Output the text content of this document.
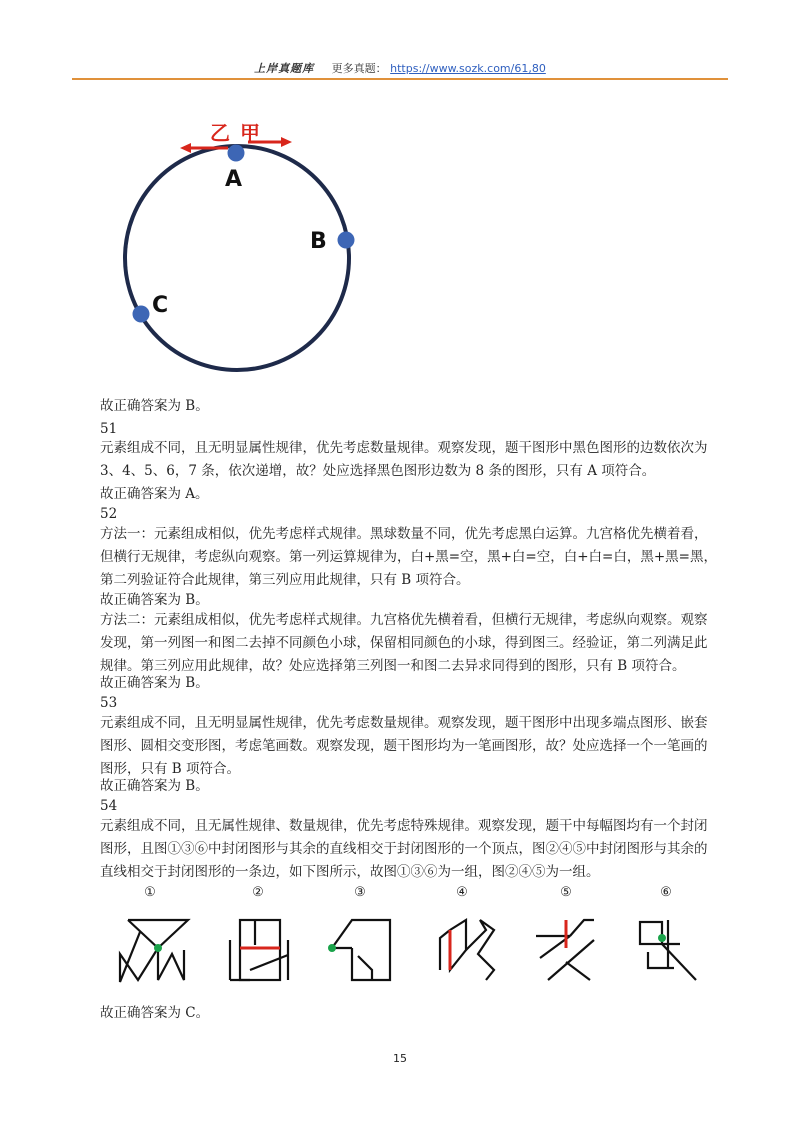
上岸真题库 更多真题： https://www.sozk.com/61,80
乙 甲
A
B
C

故正确答案为 B。

51

元素组成不同，且无明显属性规律，优先考虑数量规律。观察发现，题干图形中黑色图形的边数依次为 3、4、5、6，7 条，依次递增，故？处应选择黑色图形边数为 8 条的图形，只有 A 项符合。

故正确答案为 A。

52

方法一：元素组成相似，优先考虑样式规律。黑球数量不同，优先考虑黑白运算。九宫格优先横着看，但横行无规律，考虑纵向观察。第一列运算规律为，白+黑=空，黑+白=空，白+白=白，黑+黑=黑，第二列验证符合此规律，第三列应用此规律，只有 B 项符合。

故正确答案为 B。

方法二：元素组成相似，优先考虑样式规律。九宫格优先横着看，但横行无规律，考虑纵向观察。观察发现，第一列图一和图二去掉不同颜色小球，保留相同颜色的小球，得到图三。经验证，第二列满足此规律。第三列应用此规律，故？处应选择第三列图一和图二去异求同得到的图形，只有 B 项符合。

故正确答案为 B。

53

元素组成不同，且无明显属性规律，优先考虑数量规律。观察发现，题干图形中出现多端点图形、嵌套图形、圆相交变形图，考虑笔画数。观察发现，题干图形均为一笔画图形，故？处应选择一个一笔画的图形，只有 B 项符合。

故正确答案为 B。

54

元素组成不同，且无属性规律、数量规律，优先考虑特殊规律。观察发现，题干中每幅图均有一个封闭图形，且图①③⑥中封闭图形与其余的直线相交于封闭图形的一个顶点，图②④⑤中封闭图形与其余的直线相交于封闭图形的一条边，如下图所示，故图①③⑥为一组，图②④⑤为一组。

①	②	③	④	⑤	⑥

故正确答案为 C。

15
